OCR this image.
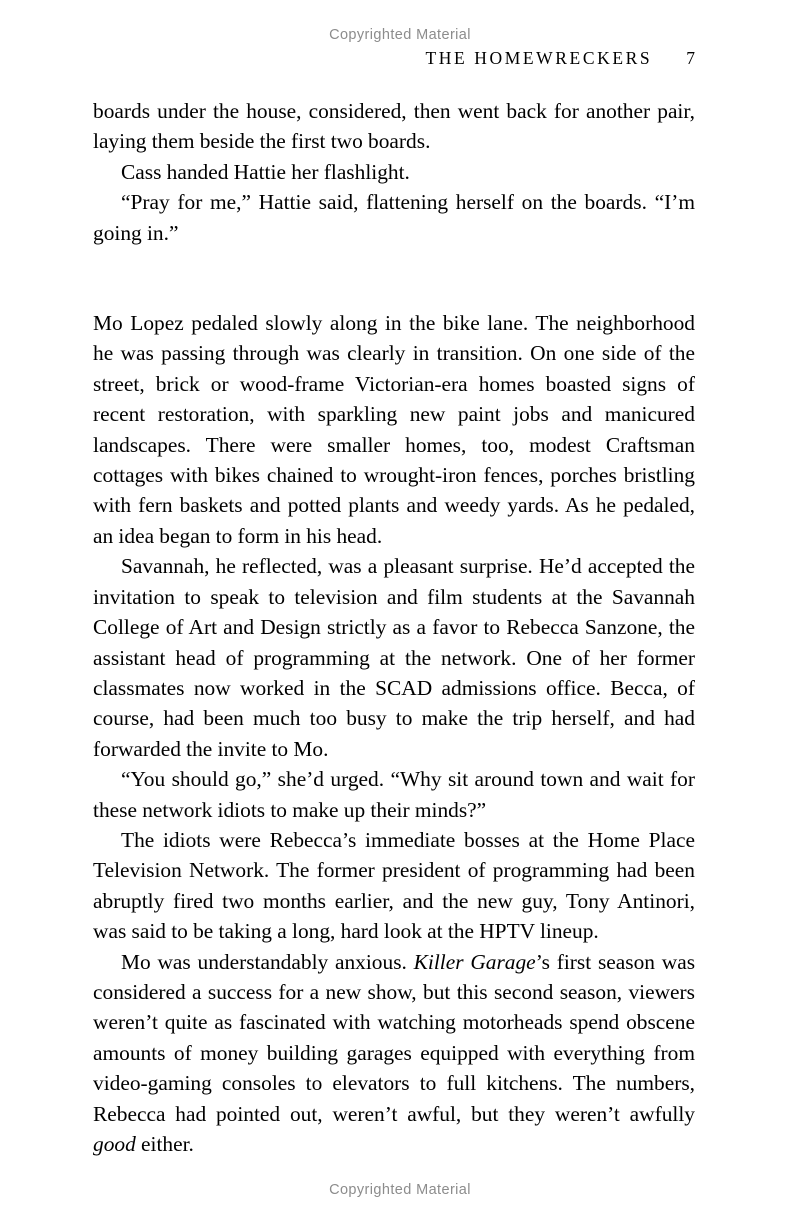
Copyrighted Material
THE HOMEWRECKERS 7

boards under the house, considered, then went back for another pair, laying them beside the first two boards.

Cass handed Hattie her flashlight.

“Pray for me,” Hattie said, flattening herself on the boards. “I’m going in.”

Mo Lopez pedaled slowly along in the bike lane. The neighborhood he was passing through was clearly in transition. On one side of the street, brick or wood-frame Victorian-era homes boasted signs of recent restoration, with sparkling new paint jobs and manicured landscapes. There were smaller homes, too, modest Craftsman cottages with bikes chained to wrought-iron fences, porches bristling with fern baskets and potted plants and weedy yards. As he pedaled, an idea began to form in his head.

Savannah, he reflected, was a pleasant surprise. He’d accepted the invitation to speak to television and film students at the Savannah College of Art and Design strictly as a favor to Rebecca Sanzone, the assistant head of programming at the network. One of her former classmates now worked in the SCAD admissions office. Becca, of course, had been much too busy to make the trip herself, and had forwarded the invite to Mo.

“You should go,” she’d urged. “Why sit around town and wait for these network idiots to make up their minds?”

The idiots were Rebecca’s immediate bosses at the Home Place Television Network. The former president of programming had been abruptly fired two months earlier, and the new guy, Tony Antinori, was said to be taking a long, hard look at the HPTV lineup.

Mo was understandably anxious. Killer Garage’s first season was considered a success for a new show, but this second season, viewers weren’t quite as fascinated with watching motorheads spend obscene amounts of money building garages equipped with everything from video-gaming consoles to elevators to full kitchens. The numbers, Rebecca had pointed out, weren’t awful, but they weren’t awfully good either.

Copyrighted Material
